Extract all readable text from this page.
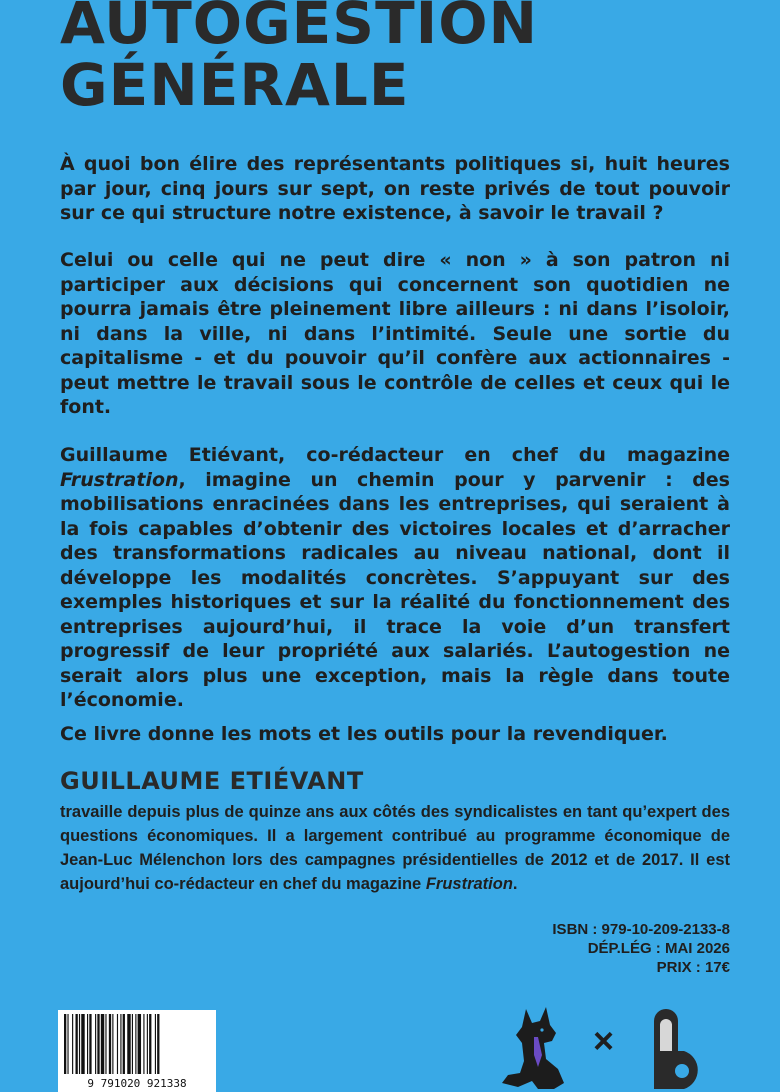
AUTOGESTION
GÉNÉRALE

À quoi bon élire des représentants politiques si, huit heures par jour, cinq jours sur sept, on reste privés de tout pouvoir sur ce qui structure notre existence, à savoir le travail ?

Celui ou celle qui ne peut dire « non » à son patron ni participer aux décisions qui concernent son quotidien ne pourra jamais être pleinement libre ailleurs : ni dans l’isoloir, ni dans la ville, ni dans l’intimité. Seule une sortie du capitalisme - et du pouvoir qu’il confère aux actionnaires - peut mettre le travail sous le contrôle de celles et ceux qui le font.

Guillaume Etiévant, co-rédacteur en chef du magazine Frustration, imagine un chemin pour y parvenir : des mobilisations enracinées dans les entreprises, qui seraient à la fois capables d’obtenir des victoires locales et d’arracher des transformations radicales au niveau national, dont il développe les modalités concrètes. S’appuyant sur des exemples historiques et sur la réalité du fonctionnement des entreprises aujourd’hui, il trace la voie d’un transfert progressif de leur propriété aux salariés. L’autogestion ne serait alors plus une exception, mais la règle dans toute l’économie.

Ce livre donne les mots et les outils pour la revendiquer.

GUILLAUME ETIÉVANT

travaille depuis plus de quinze ans aux côtés des syndicalistes en tant qu’expert des questions économiques. Il a largement contribué au programme économique de Jean-Luc Mélenchon lors des campagnes présidentielles de 2012 et de 2017. Il est aujourd’hui co-rédacteur en chef du magazine Frustration.

ISBN : 979-10-209-2133-8
DÉP.LÉG : MAI 2026
PRIX : 17€
9 791020 921338
×
